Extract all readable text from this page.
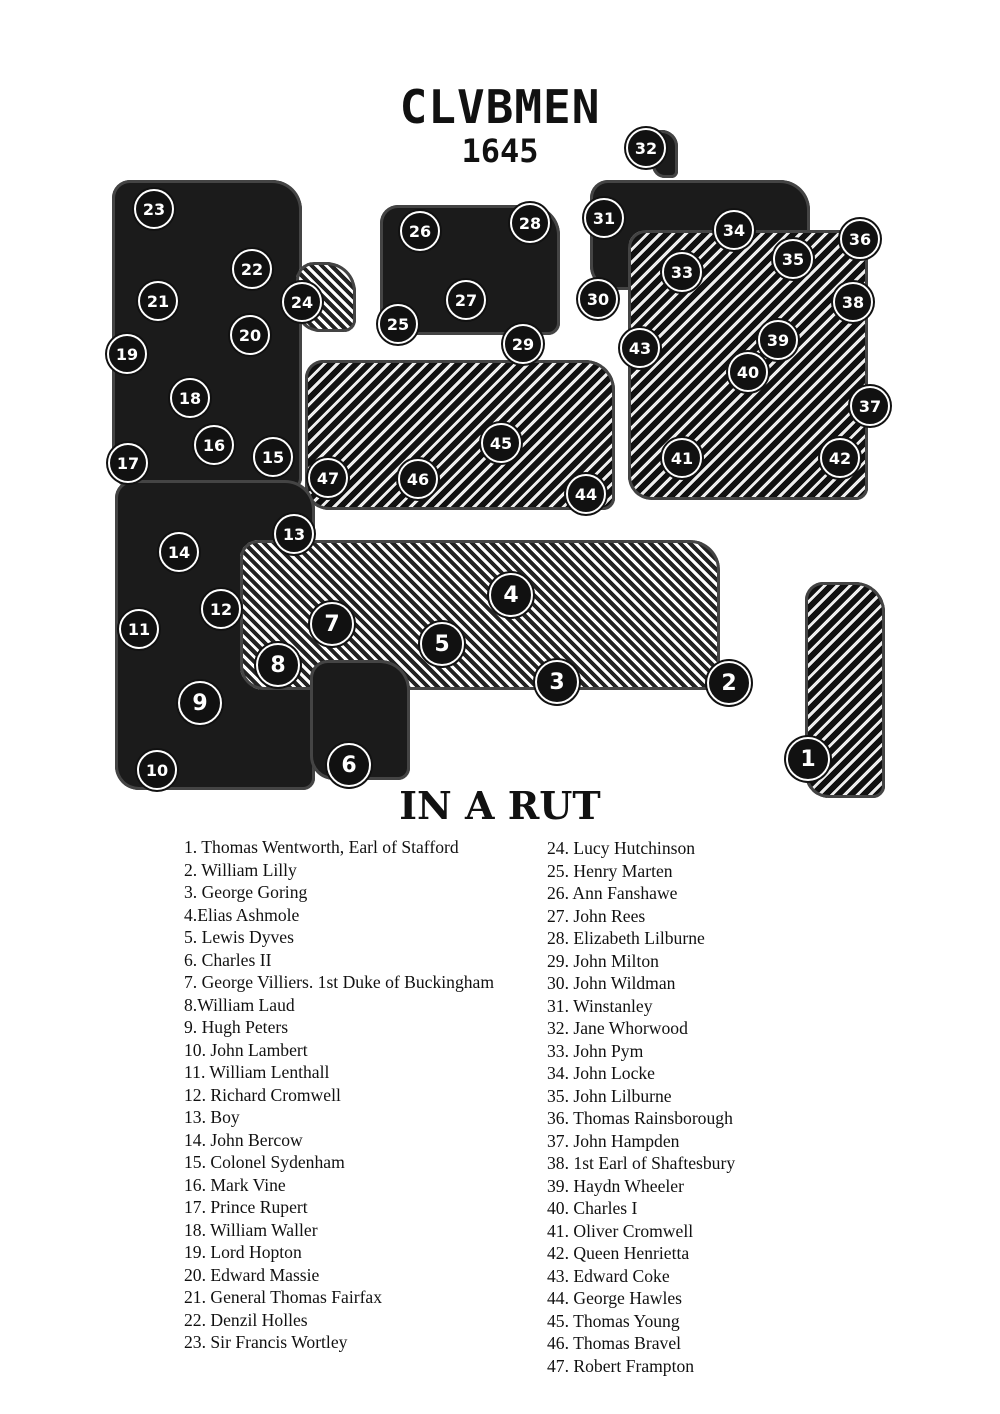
CLVBMEN
1645
1
2
3
4
5
6
7
8
9
10
11
12
13
14
15
16
17
18
19
20
21
22
23
24
25
26
27
28
29
30
31
32
33
34
35
36
37
38
39
40
41	42
43
44
45
46
47
IN A RUT
1. Thomas Wentworth, Earl of Stafford
2. William Lilly
3. George Goring
4.Elias Ashmole
5. Lewis Dyves
6. Charles II
7. George Villiers. 1st Duke of Buckingham
8.William Laud
9. Hugh Peters
10. John Lambert
11. William Lenthall
12. Richard Cromwell
13. Boy
14. John Bercow
15. Colonel Sydenham
16. Mark Vine
17. Prince Rupert
18. William Waller
19. Lord Hopton
20. Edward Massie
21. General Thomas Fairfax
22. Denzil Holles
23. Sir Francis Wortley
24. Lucy Hutchinson
25. Henry Marten
26. Ann Fanshawe
27. John Rees
28. Elizabeth Lilburne
29. John Milton
30. John Wildman
31. Winstanley
32. Jane Whorwood
33. John Pym
34. John Locke
35. John Lilburne
36. Thomas Rainsborough
37. John Hampden
38. 1st Earl of Shaftesbury
39. Haydn Wheeler
40. Charles I
41. Oliver Cromwell
42. Queen Henrietta
43. Edward Coke
44. George Hawles
45. Thomas Young
46. Thomas Bravel
47. Robert Frampton
